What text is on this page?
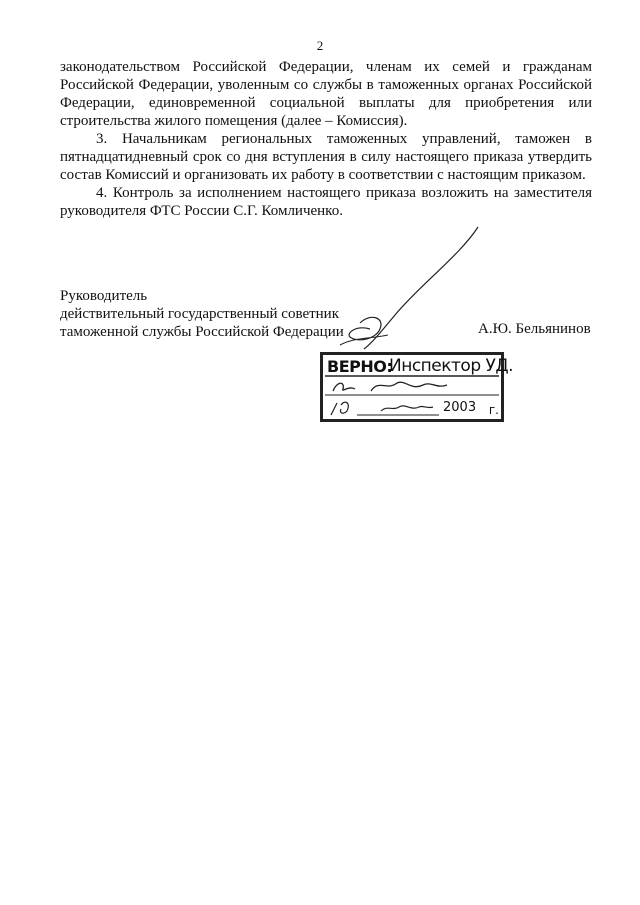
2

законодательством Российской Федерации, членам их семей и гражданам Российской Федерации, уволенным со службы в таможенных органах Российской Федерации, единовременной социальной выплаты для приобретения или строительства жилого помещения (далее – Комиссия).

3. Начальникам региональных таможенных управлений, таможен в пятнадцатидневный срок со дня вступления в силу настоящего приказа утвердить состав Комиссий и организовать их работу в соответствии с настоящим приказом.

4. Контроль за исполнением настоящего приказа возложить на заместителя руководителя ФТС России С.Г. Комличенко.

Руководитель
действительный государственный советник
таможенной службы Российской Федерации	А.Ю. Бельянинов
ВЕРНО:
Инспектор УД.
2003 г.
